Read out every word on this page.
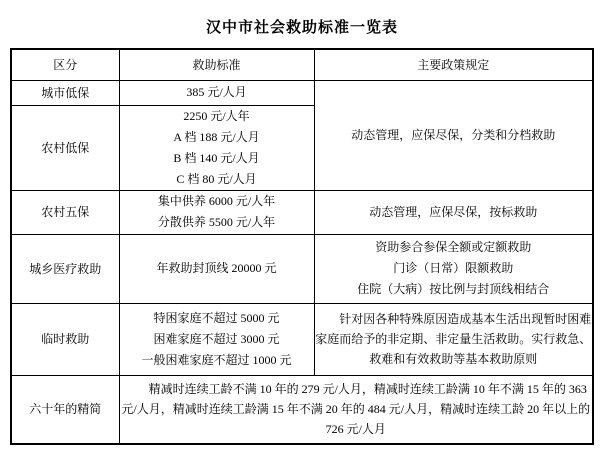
汉中市社会救助标准一览表
区分	救助标准	主要政策规定
城市低保	385 元/人月	动态管理，应保尽保，分类和分档救助

农村低保	2250 元/人年
A 档 188 元/人月
B 档 140 元/人月
C 档 80 元/人月	

农村五保	集中供养 6000 元/人年
分散供养 5500 元/人年	动态管理，应保尽保，按标救助

城乡医疗救助	年救助封顶线 20000 元	资助参合参保全额或定额救助
门诊（日常）限额救助
住院（大病）按比例与封顶线相结合

临时救助	特困家庭不超过 5000 元
困难家庭不超过 3000 元
一般困难家庭不超过 1000 元	针对因各种特殊原因造成基本生活出现暂时困难家庭而给予的非定期、非定量生活救助。实行救急、救难和有效救助等基本救助原则
六十年的精简	精减时连续工龄不满 10 年的 279 元/人月，精减时连续工龄满 10 年不满 15 年的 363 元/人月，精减时连续工龄满 15 年不满 20 年的 484 元/人月，精减时连续工龄 20 年以上的 726 元/人月	
